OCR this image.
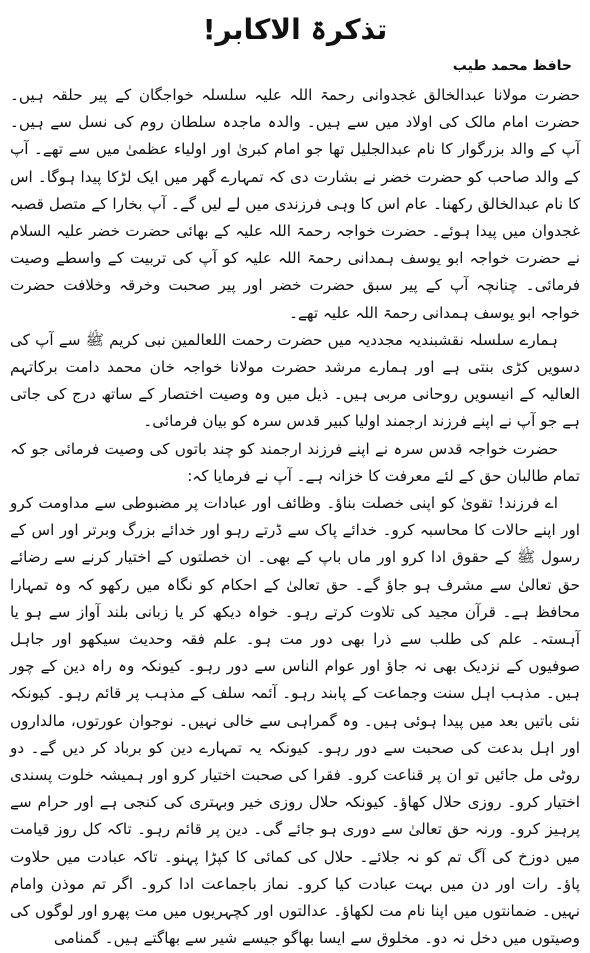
تذکرۃ الاکابر!
حافظ محمد طیب

حضرت مولانا عبدالخالق غجدوانی رحمۃ اللہ علیہ سلسلہ خواجگان کے پیر حلقہ ہیں۔ حضرت امام مالک کی اولاد میں سے ہیں۔ والدہ ماجدہ سلطان روم کی نسل سے ہیں۔ آپ کے والد بزرگوار کا نام عبدالجلیل تھا جو امام کبریٰ اور اولیاء عظمیٰ میں سے تھے۔ آپ کے والد صاحب کو حضرت خضر نے بشارت دی کہ تمہارے گھر میں ایک لڑکا پیدا ہوگا۔ اس کا نام عبدالخالق رکھنا۔ عام اس کا وہی فرزندی میں لے لیں گے۔ آپ بخارا کے متصل قصبہ غجدوان میں پیدا ہوئے۔ حضرت خواجہ رحمۃ اللہ علیہ کے بھائی حضرت خضر علیہ السلام نے حضرت خواجہ ابو یوسف ہمدانی رحمۃ اللہ علیہ کو آپ کی تربیت کے واسطے وصیت فرمائی۔ چنانچہ آپ کے پیر سبق حضرت خضر اور پیر صحبت وخرقہ وخلافت حضرت خواجہ ابو یوسف ہمدانی رحمۃ اللہ علیہ تھے۔

ہمارے سلسلہ نقشبندیہ مجددیہ میں حضرت رحمت اللعالمین نبی کریم ﷺ سے آپ کی دسویں کڑی بنتی ہے اور ہمارے مرشد حضرت مولانا خواجہ خان محمد دامت برکاتہم العالیہ کے انیسویں روحانی مربی ہیں۔ ذیل میں وہ وصیت اختصار کے ساتھ درج کی جاتی ہے جو آپ نے اپنے فرزند ارجمند اولیا کبیر قدس سرہ کو بیان فرمائی۔

حضرت خواجہ قدس سرہ نے اپنے فرزند ارجمند کو چند باتوں کی وصیت فرمائی جو کہ تمام طالبان حق کے لئے معرفت کا خزانہ ہے۔ آپ نے فرمایا کہ:

اے فرزند! تقویٰ کو اپنی خصلت بناؤ۔ وظائف اور عبادات پر مضبوطی سے مداومت کرو اور اپنے حالات کا محاسبہ کرو۔ خدائے پاک سے ڈرتے رہو اور خدائے بزرگ وبرتر اور اس کے رسول ﷺ کے حقوق ادا کرو اور ماں باپ کے بھی۔ ان خصلتوں کے اختیار کرنے سے رضائے حق تعالیٰ سے مشرف ہو جاؤ گے۔ حق تعالیٰ کے احکام کو نگاہ میں رکھو کہ وہ تمہارا محافظ ہے۔ قرآن مجید کی تلاوت کرتے رہو۔ خواہ دیکھ کر یا زبانی بلند آواز سے ہو یا آہستہ۔ علم کی طلب سے ذرا بھی دور مت ہو۔ علم فقہ وحدیث سیکھو اور جاہل صوفیوں کے نزدیک بھی نہ جاؤ اور عوام الناس سے دور رہو۔ کیونکہ وہ راہ دین کے چور ہیں۔ مذہب اہل سنت وجماعت کے پابند رہو۔ آئمہ سلف کے مذہب پر قائم رہو۔ کیونکہ نئی باتیں بعد میں پیدا ہوئی ہیں۔ وہ گمراہی سے خالی نہیں۔ نوجوان عورتوں، مالداروں اور اہل بدعت کی صحبت سے دور رہو۔ کیونکہ یہ تمہارے دین کو برباد کر دیں گے۔ دو روٹی مل جائیں تو ان پر قناعت کرو۔ فقرا کی صحبت اختیار کرو اور ہمیشہ خلوت پسندی اختیار کرو۔ روزی حلال کھاؤ۔ کیونکہ حلال روزی خیر وبہتری کی کنجی ہے اور حرام سے پرہیز کرو۔ ورنہ حق تعالیٰ سے دوری ہو جائے گی۔ دین پر قائم رہو۔ تاکہ کل روز قیامت میں دوزخ کی آگ تم کو نہ جلائے۔ حلال کی کمائی کا کپڑا پہنو۔ تاکہ عبادت میں حلاوت پاؤ۔ رات اور دن میں بہت عبادت کیا کرو۔ نماز باجماعت ادا کرو۔ اگر تم موذن وامام نہیں۔ ضمانتوں میں اپنا نام مت لکھاؤ۔ عدالتوں اور کچہریوں میں مت پھرو اور لوگوں کی وصیتوں میں دخل نہ دو۔ مخلوق سے ایسا بھاگو جیسے شیر سے بھاگتے ہیں۔ گمنامی
